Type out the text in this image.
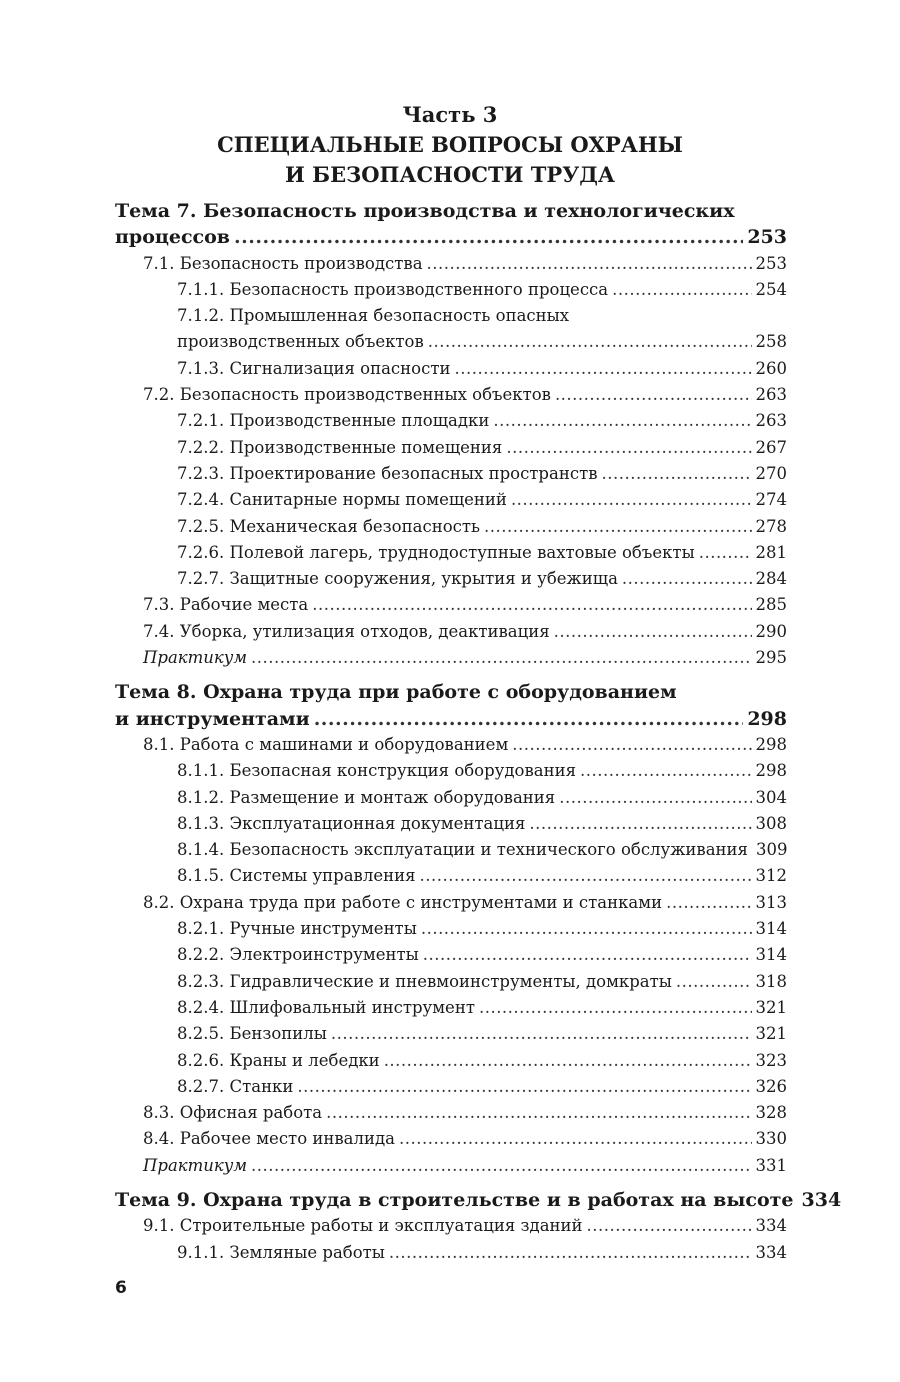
Часть 3
СПЕЦИАЛЬНЫЕ ВОПРОСЫ ОХРАНЫ
И БЕЗОПАСНОСТИ ТРУДА
Тема 7. Безопасность производства и технологических
процессов .....	253
7.1. Безопасность производства .....	253
7.1.1. Безопасность производственного процесса .....	254
7.1.2. Промышленная безопасность опасных
производственных объектов .....	258
7.1.3. Сигнализация опасности .....	260
7.2. Безопасность производственных объектов .....	263
7.2.1. Производственные площадки .....	263
7.2.2. Производственные помещения .....	267
7.2.3. Проектирование безопасных пространств .....	270
7.2.4. Санитарные нормы помещений .....	274
7.2.5. Механическая безопасность .....	278
7.2.6. Полевой лагерь, труднодоступные вахтовые объекты .....	281
7.2.7. Защитные сооружения, укрытия и убежища .....	284
7.3. Рабочие места .....	285
7.4. Уборка, утилизация отходов, деактивация .....	290
Практикум .....	295
Тема 8. Охрана труда при работе с оборудованием
и инструментами .....	298
8.1. Работа с машинами и оборудованием .....	298
8.1.1. Безопасная конструкция оборудования .....	298
8.1.2. Размещение и монтаж оборудования .....	304
8.1.3. Эксплуатационная документация .....	308
8.1.4. Безопасность эксплуатации и технического обслуживания 309
8.1.5. Системы управления .....	312
8.2. Охрана труда при работе с инструментами и станками .....	313
8.2.1. Ручные инструменты .....	314
8.2.2. Электроинструменты .....	314
8.2.3. Гидравлические и пневмоинструменты, домкраты .....	318
8.2.4. Шлифовальный инструмент .....	321
8.2.5. Бензопилы .....	321
8.2.6. Краны и лебедки .....	323
8.2.7. Станки .....	326
8.3. Офисная работа .....	328
8.4. Рабочее место инвалида .....	330
Практикум .....	331
Тема 9. Охрана труда в строительстве и в работах на высоте 334
9.1. Строительные работы и эксплуатация зданий .....	334
9.1.1. Земляные работы .....	334
6
